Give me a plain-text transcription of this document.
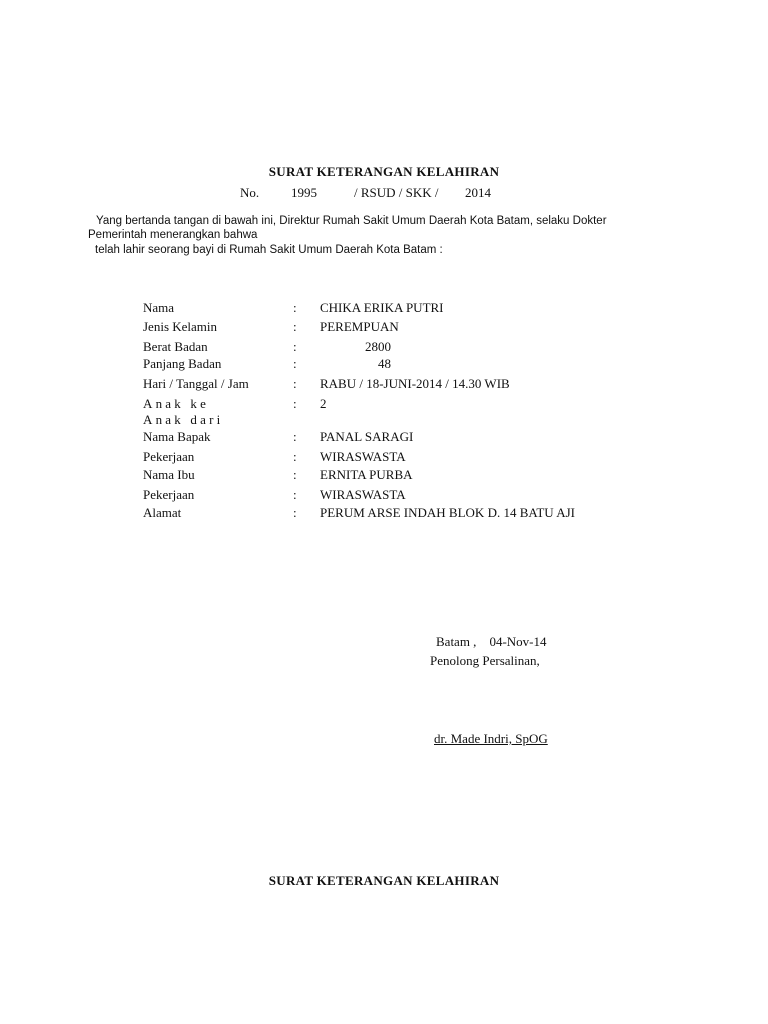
SURAT KETERANGAN KELAHIRAN

No.

1995

	/ RSUD / SKK /

2014

Yang bertanda tangan di bawah ini, Direktur Rumah Sakit Umum Daerah Kota Batam, selaku Dokter
Pemerintah menerangkan bahwa
telah lahir seorang bayi di Rumah Sakit Umum Daerah Kota Batam :
Nama	: CHIKA ERIKA PUTRI
Jenis Kelamin	: PEREMPUAN
Berat Badan	:	2800
Panjang Badan	:	48
Hari / Tanggal / Jam	: RABU / 18-JUNI-2014 / 14.30 WIB
Anak ke	: 2
Anak dari
Nama Bapak	: PANAL SARAGI
Pekerjaan	: WIRASWASTA
Nama Ibu	: ERNITA PURBA
Pekerjaan	: WIRASWASTA
Alamat	: PERUM ARSE INDAH BLOK D. 14 BATU AJI
Batam , 04-Nov-14
Penolong Persalinan,
dr. Made Indri, SpOG
SURAT KETERANGAN KELAHIRAN
